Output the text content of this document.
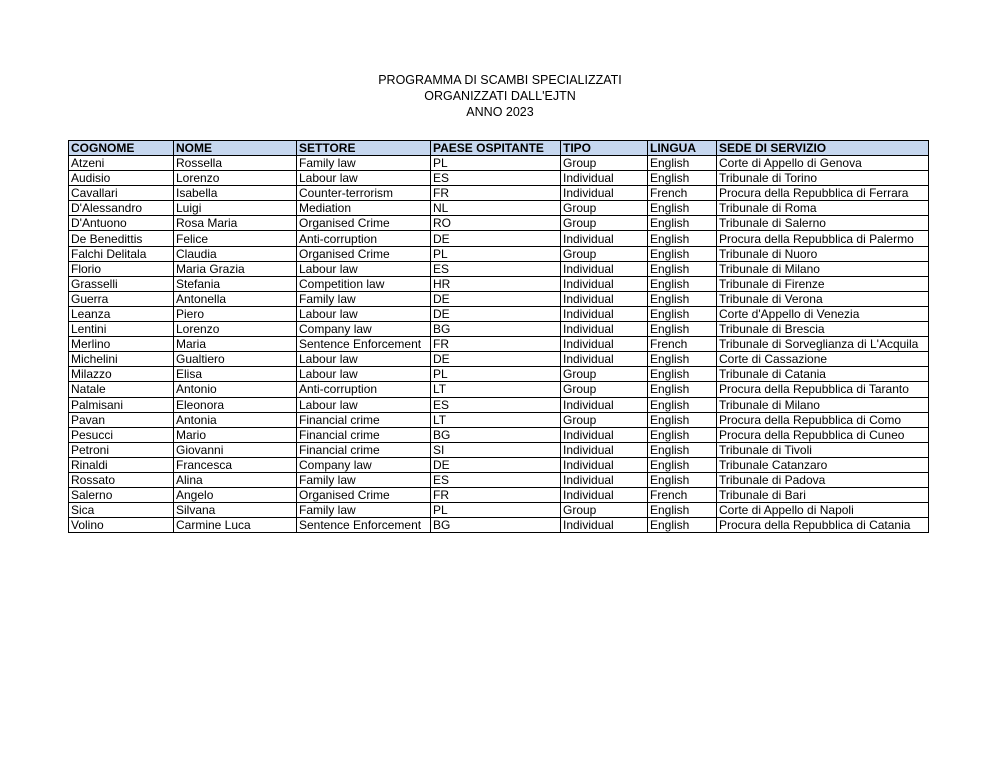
PROGRAMMA DI SCAMBI SPECIALIZZATI
ORGANIZZATI DALL'EJTN
ANNO 2023
COGNOME	NOME	SETTORE	PAESE OSPITANTE	TIPO	LINGUA	SEDE DI SERVIZIO
Atzeni	Rossella	Family law	PL	Group	English	Corte di Appello di Genova
Audisio	Lorenzo	Labour law	ES	Individual	English	Tribunale di Torino
Cavallari	Isabella	Counter-terrorism	FR	Individual	French	Procura della Repubblica di Ferrara
D'Alessandro	Luigi	Mediation	NL	Group	English	Tribunale di Roma
D'Antuono	Rosa Maria	Organised Crime	RO	Group	English	Tribunale di Salerno
De Benedittis	Felice	Anti-corruption	DE	Individual	English	Procura della Repubblica di Palermo
Falchi Delitala	Claudia	Organised Crime	PL	Group	English	Tribunale di Nuoro
Florio	Maria Grazia	Labour law	ES	Individual	English	Tribunale di Milano
Grasselli	Stefania	Competition law	HR	Individual	English	Tribunale di Firenze
Guerra	Antonella	Family law	DE	Individual	English	Tribunale di Verona
Leanza	Piero	Labour law	DE	Individual	English	Corte d'Appello di Venezia
Lentini	Lorenzo	Company law	BG	Individual	English	Tribunale di Brescia
Merlino	Maria	Sentence Enforcement	FR	Individual	French	Tribunale di Sorveglianza di L'Acquila
Michelini	Gualtiero	Labour law	DE	Individual	English	Corte di Cassazione
Milazzo	Elisa	Labour law	PL	Group	English	Tribunale di Catania
Natale	Antonio	Anti-corruption	LT	Group	English	Procura della Repubblica di Taranto
Palmisani	Eleonora	Labour law	ES	Individual	English	Tribunale di Milano
Pavan	Antonia	Financial crime	LT	Group	English	Procura della Repubblica di Como
Pesucci	Mario	Financial crime	BG	Individual	English	Procura della Repubblica di Cuneo
Petroni	Giovanni	Financial crime	SI	Individual	English	Tribunale di Tivoli
Rinaldi	Francesca	Company law	DE	Individual	English	Tribunale Catanzaro
Rossato	Alina	Family law	ES	Individual	English	Tribunale di Padova
Salerno	Angelo	Organised Crime	FR	Individual	French	Tribunale di Bari
Sica	Silvana	Family law	PL	Group	English	Corte di Appello di Napoli
Volino	Carmine Luca	Sentence Enforcement	BG	Individual	English	Procura della Repubblica di Catania
